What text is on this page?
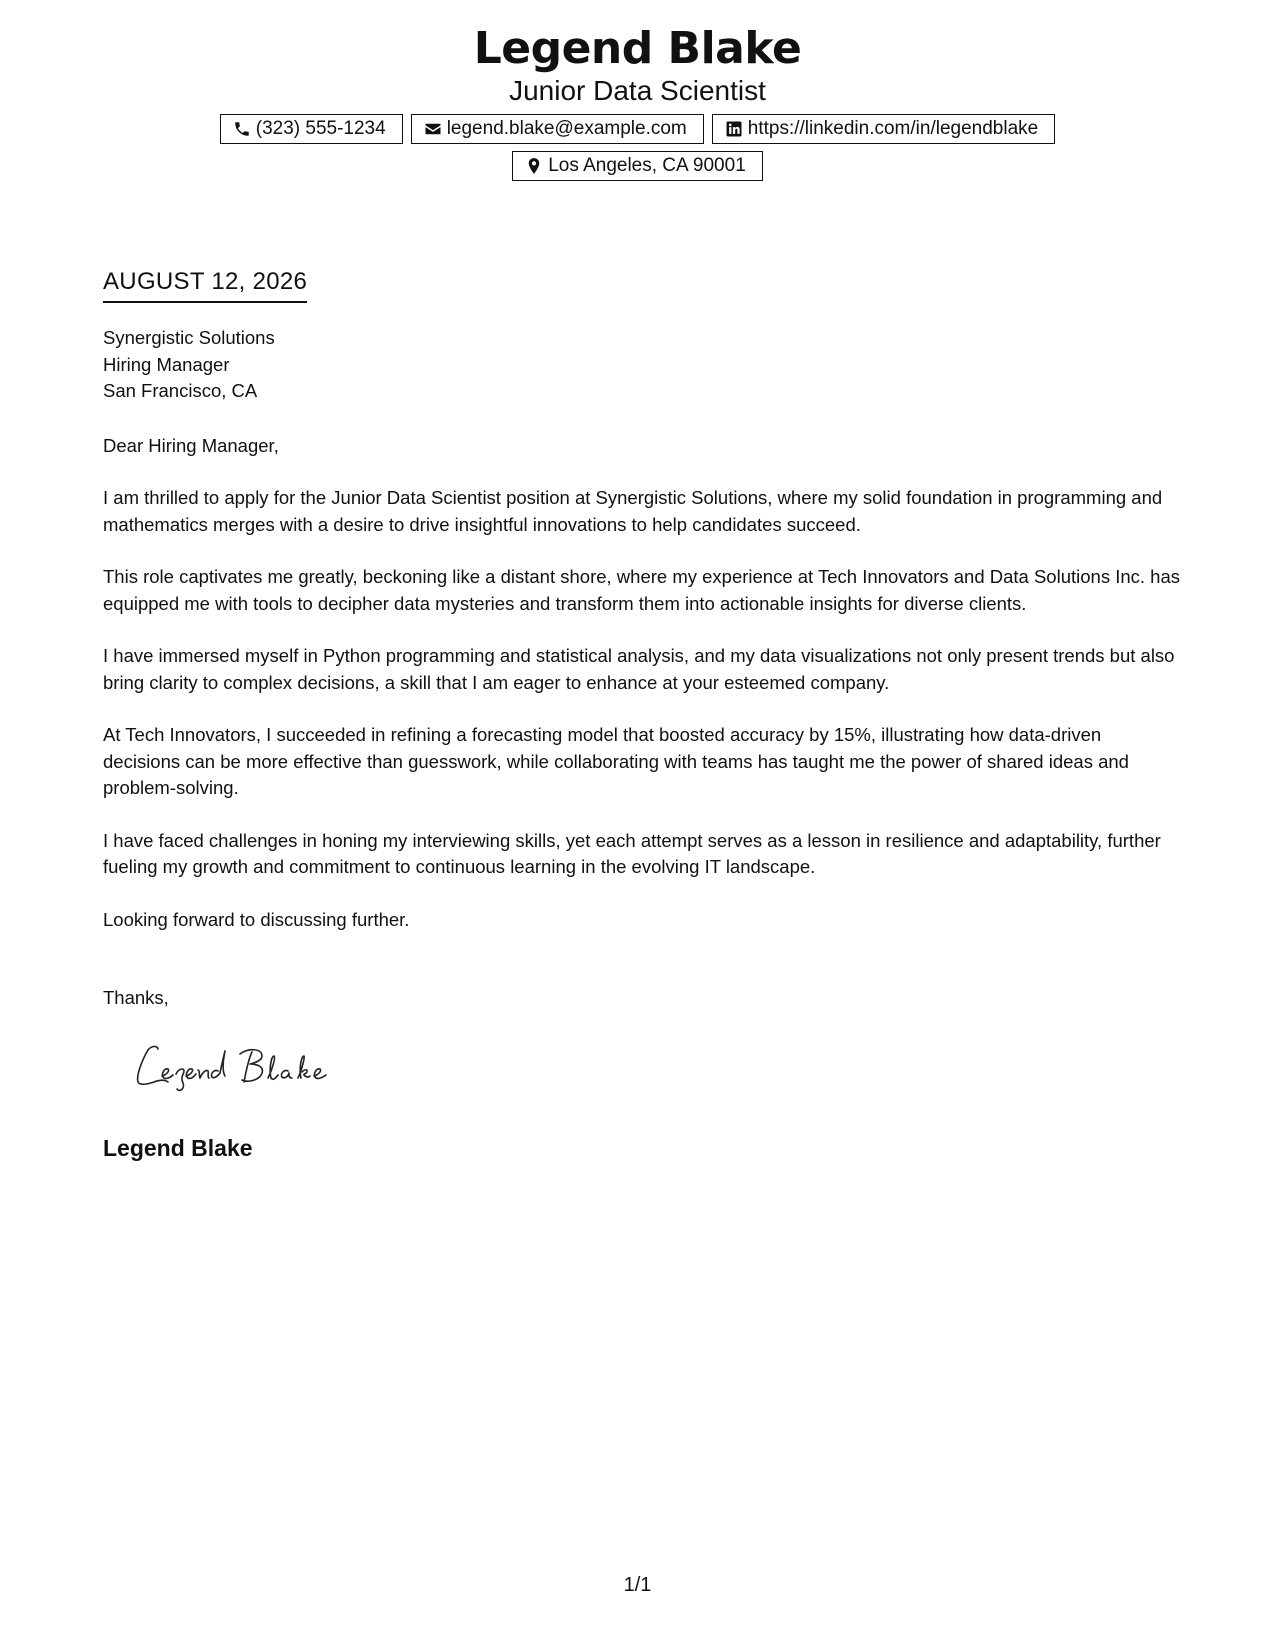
Legend Blake
Junior Data Scientist
(323) 555-1234	legend.blake@example.com	https://linkedin.com/in/legendblake
Los Angeles, CA 90001
AUGUST 12, 2026
Synergistic Solutions
Hiring Manager
San Francisco, CA
Dear Hiring Manager,
I am thrilled to apply for the Junior Data Scientist position at Synergistic Solutions, where my solid foundation in programming and mathematics merges with a desire to drive insightful innovations to help candidates succeed.
This role captivates me greatly, beckoning like a distant shore, where my experience at Tech Innovators and Data Solutions Inc. has equipped me with tools to decipher data mysteries and transform them into actionable insights for diverse clients.
I have immersed myself in Python programming and statistical analysis, and my data visualizations not only present trends but also bring clarity to complex decisions, a skill that I am eager to enhance at your esteemed company.
At Tech Innovators, I succeeded in refining a forecasting model that boosted accuracy by 15%, illustrating how data-driven decisions can be more effective than guesswork, while collaborating with teams has taught me the power of shared ideas and problem-solving.
I have faced challenges in honing my interviewing skills, yet each attempt serves as a lesson in resilience and adaptability, further fueling my growth and commitment to continuous learning in the evolving IT landscape.
Looking forward to discussing further.
Thanks,
Legend Blake
1/1
